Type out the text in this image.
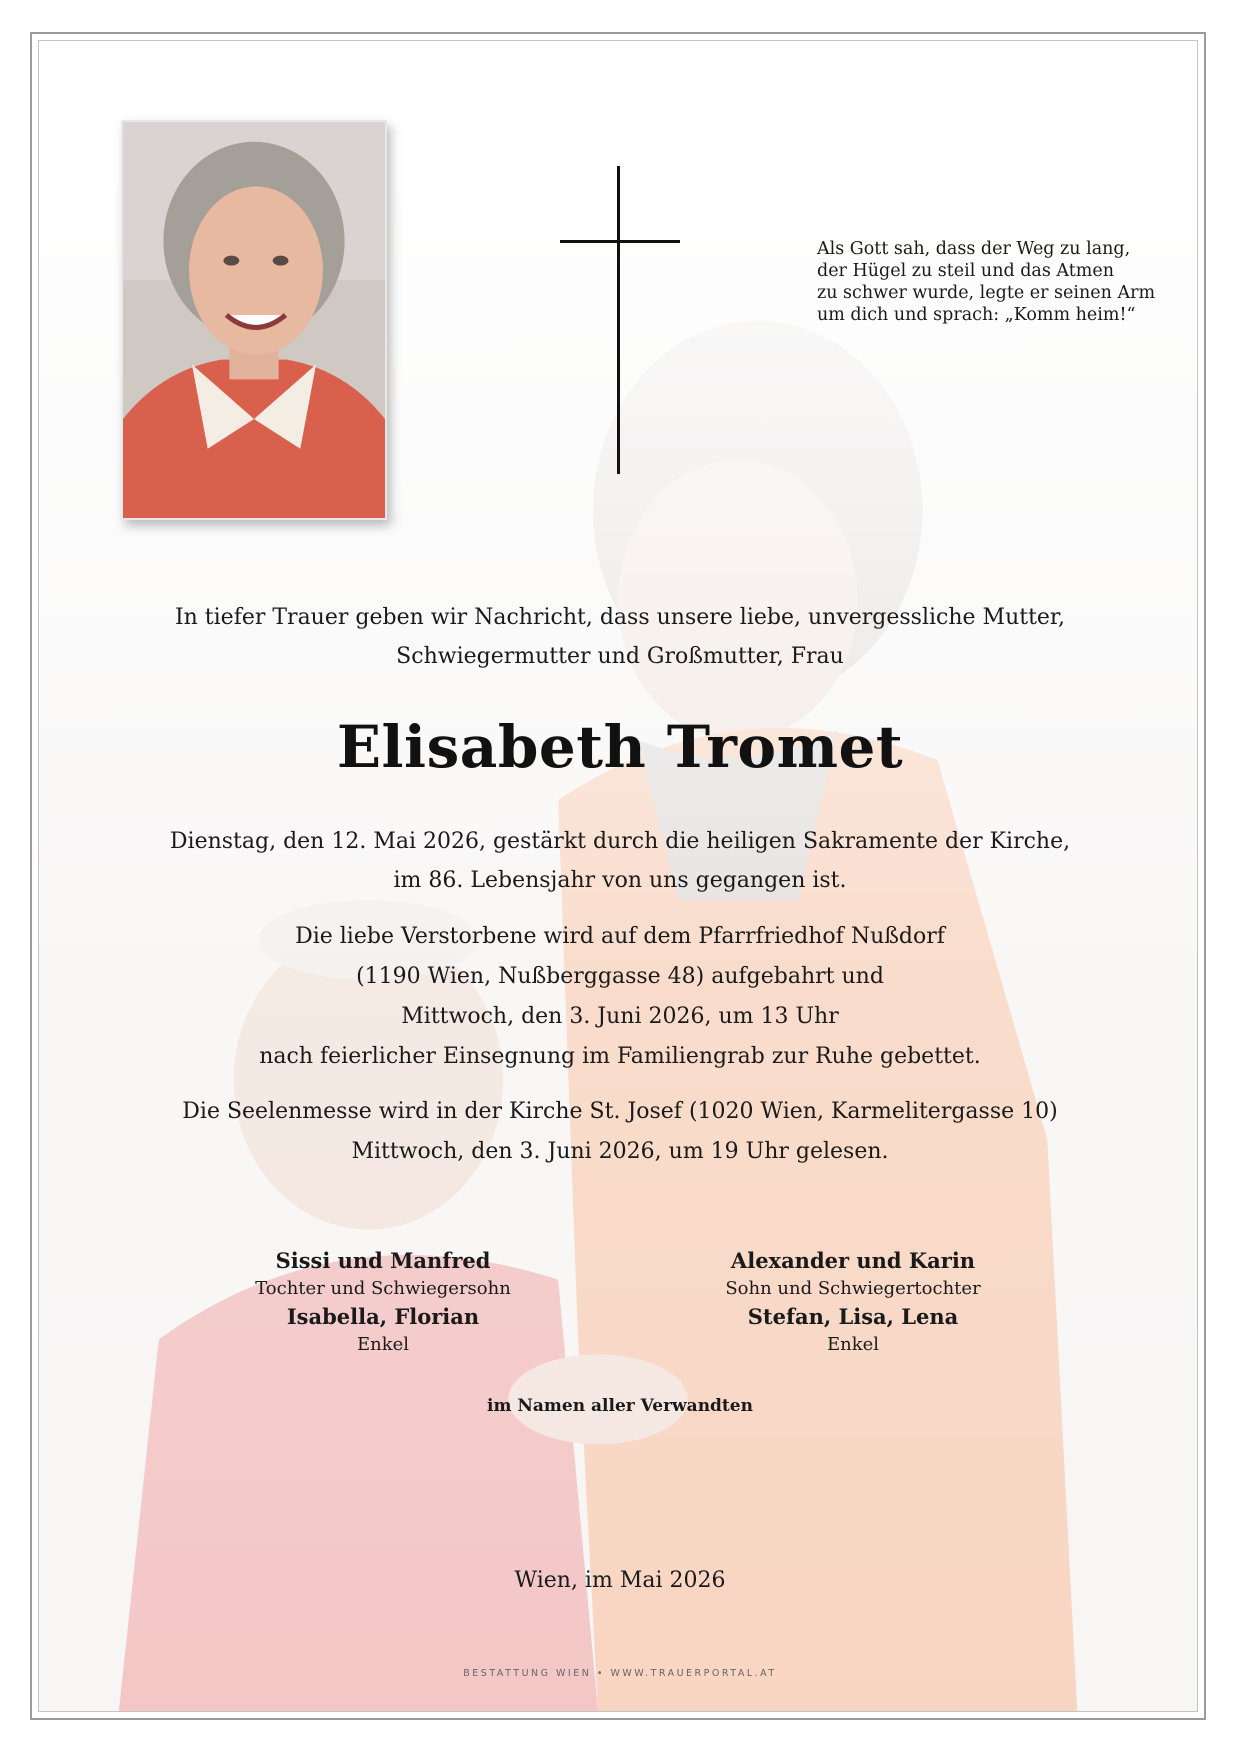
Als Gott sah, dass der Weg zu lang,
der Hügel zu steil und das Atmen
zu schwer wurde, legte er seinen Arm
um dich und sprach: „Komm heim!“
In tiefer Trauer geben wir Nachricht, dass unsere liebe, unvergessliche Mutter,
Schwiegermutter und Großmutter, Frau
Elisabeth Tromet
Dienstag, den 12. Mai 2026, gestärkt durch die heiligen Sakramente der Kirche,
im 86. Lebensjahr von uns gegangen ist.
Die liebe Verstorbene wird auf dem Pfarrfriedhof Nußdorf
(1190 Wien, Nußberggasse 48) aufgebahrt und
Mittwoch, den 3. Juni 2026, um 13 Uhr
nach feierlicher Einsegnung im Familiengrab zur Ruhe gebettet.
Die Seelenmesse wird in der Kirche St. Josef (1020 Wien, Karmelitergasse 10)
Mittwoch, den 3. Juni 2026, um 19 Uhr gelesen.
Sissi und Manfred
Tochter und Schwiegersohn
Isabella, Florian
Enkel
Alexander und Karin
Sohn und Schwiegertochter
Stefan, Lisa, Lena
Enkel
im Namen aller Verwandten
Wien, im Mai 2026
BESTATTUNG WIEN • WWW.TRAUERPORTAL.AT
